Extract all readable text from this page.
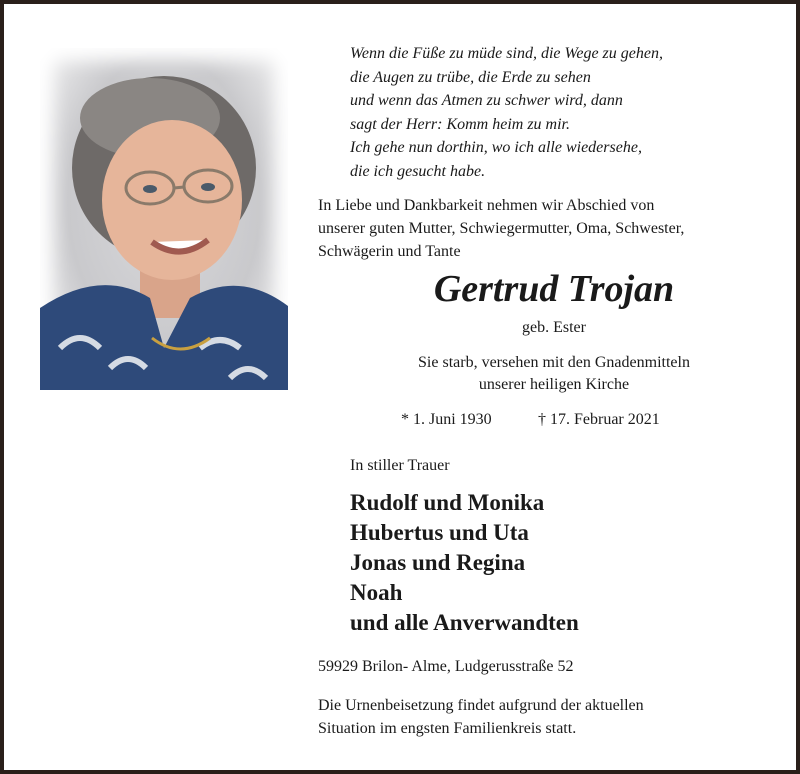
Wenn die Füße zu müde sind, die Wege zu gehen,
die Augen zu trübe, die Erde zu sehen
und wenn das Atmen zu schwer wird, dann
sagt der Herr: Komm heim zu mir.
Ich gehe nun dorthin, wo ich alle wiedersehe,
die ich gesucht habe.
In Liebe und Dankbarkeit nehmen wir Abschied von
unserer guten Mutter, Schwiegermutter, Oma, Schwester,
Schwägerin und Tante
Gertrud Trojan
geb. Ester
Sie starb, versehen mit den Gnadenmitteln
unserer heiligen Kirche
* 1. Juni 1930	† 17. Februar 2021
In stiller Trauer
Rudolf und Monika
Hubertus und Uta
Jonas und Regina
Noah
und alle Anverwandten
59929 Brilon- Alme, Ludgerusstraße 52
Die Urnenbeisetzung findet aufgrund der aktuellen
Situation im engsten Familienkreis statt.
